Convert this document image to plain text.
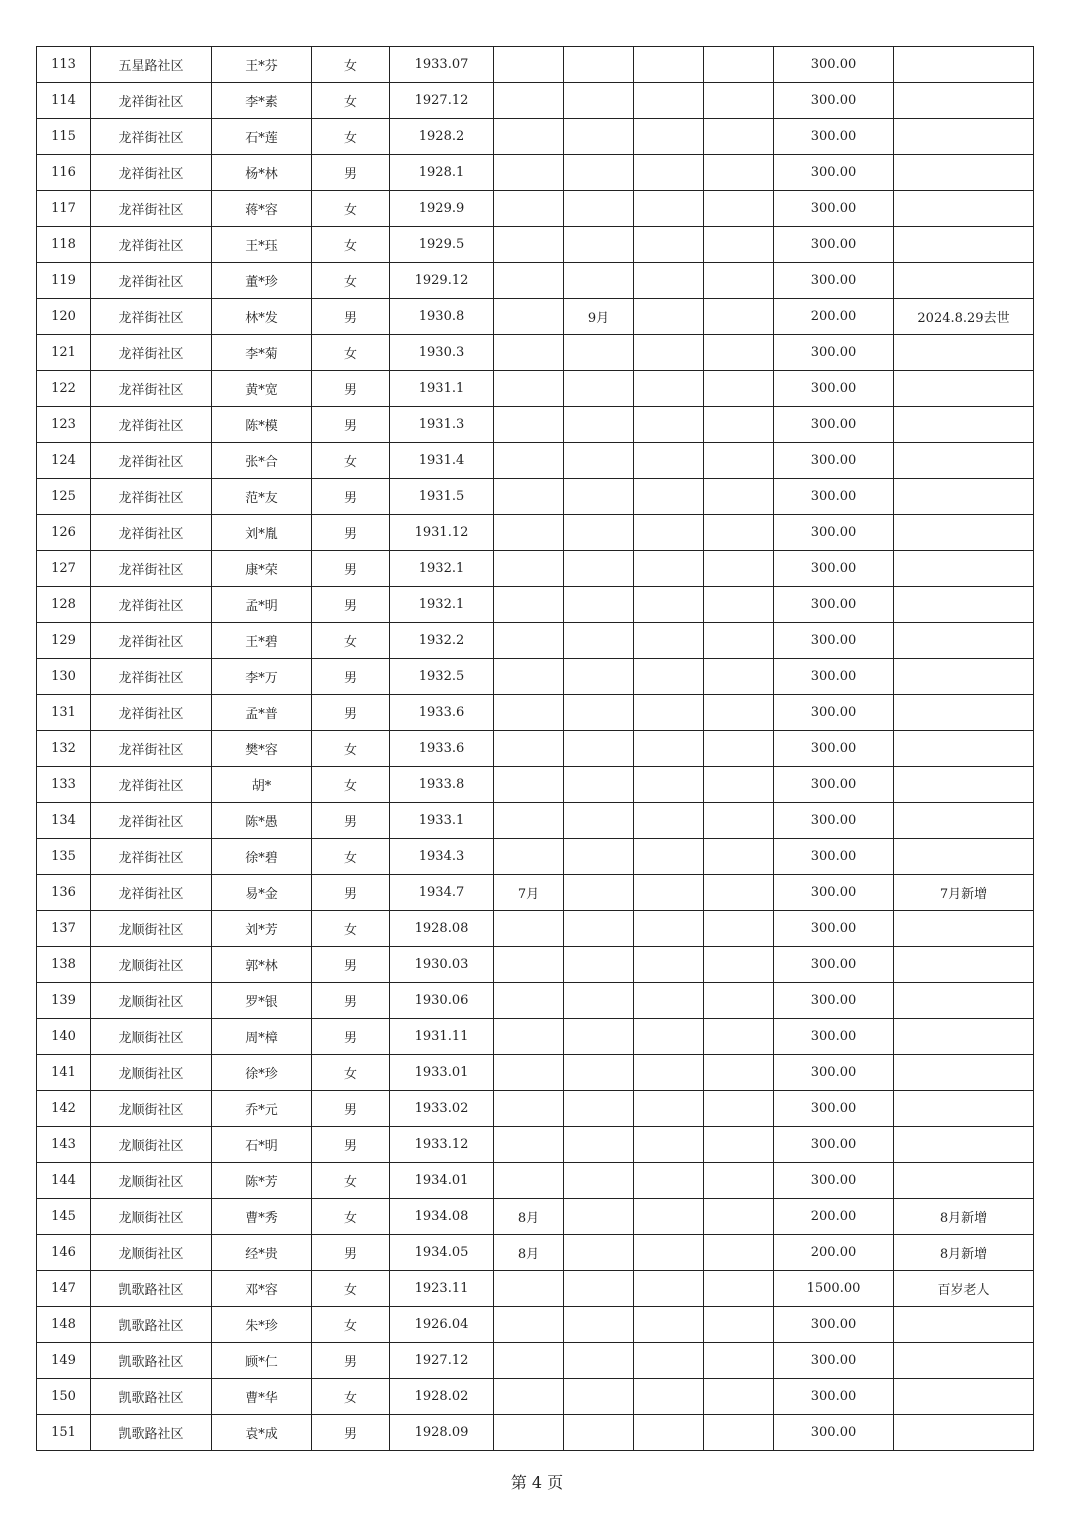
113	五星路社区	王*芬	女	1933.07					300.00	
114	龙祥街社区	李*素	女	1927.12					300.00	
115	龙祥街社区	石*莲	女	1928.2					300.00	
116	龙祥街社区	杨*林	男	1928.1					300.00	
117	龙祥街社区	蒋*容	女	1929.9					300.00	
118	龙祥街社区	王*珏	女	1929.5					300.00	
119	龙祥街社区	董*珍	女	1929.12					300.00	
120	龙祥街社区	林*发	男	1930.8		9月			200.00	2024.8.29去世
121	龙祥街社区	李*菊	女	1930.3					300.00	
122	龙祥街社区	黄*宽	男	1931.1					300.00	
123	龙祥街社区	陈*模	男	1931.3					300.00	
124	龙祥街社区	张*合	女	1931.4					300.00	
125	龙祥街社区	范*友	男	1931.5					300.00	
126	龙祥街社区	刘*胤	男	1931.12					300.00	
127	龙祥街社区	康*荣	男	1932.1					300.00	
128	龙祥街社区	孟*明	男	1932.1					300.00	
129	龙祥街社区	王*碧	女	1932.2					300.00	
130	龙祥街社区	李*万	男	1932.5					300.00	
131	龙祥街社区	孟*普	男	1933.6					300.00	
132	龙祥街社区	樊*容	女	1933.6					300.00	
133	龙祥街社区	胡*	女	1933.8					300.00	
134	龙祥街社区	陈*愚	男	1933.1					300.00	
135	龙祥街社区	徐*碧	女	1934.3					300.00	
136	龙祥街社区	易*金	男	1934.7	7月				300.00	7月新增
137	龙顺街社区	刘*芳	女	1928.08					300.00	
138	龙顺街社区	郭*林	男	1930.03					300.00	
139	龙顺街社区	罗*银	男	1930.06					300.00	
140	龙顺街社区	周*樟	男	1931.11					300.00	
141	龙顺街社区	徐*珍	女	1933.01					300.00	
142	龙顺街社区	乔*元	男	1933.02					300.00	
143	龙顺街社区	石*明	男	1933.12					300.00	
144	龙顺街社区	陈*芳	女	1934.01					300.00	
145	龙顺街社区	曹*秀	女	1934.08	8月				200.00	8月新增
146	龙顺街社区	经*贵	男	1934.05	8月				200.00	8月新增
147	凯歌路社区	邓*容	女	1923.11					1500.00	百岁老人
148	凯歌路社区	朱*珍	女	1926.04					300.00	
149	凯歌路社区	顾*仁	男	1927.12					300.00	
150	凯歌路社区	曹*华	女	1928.02					300.00	
151	凯歌路社区	袁*成	男	1928.09					300.00	
第 4 页
